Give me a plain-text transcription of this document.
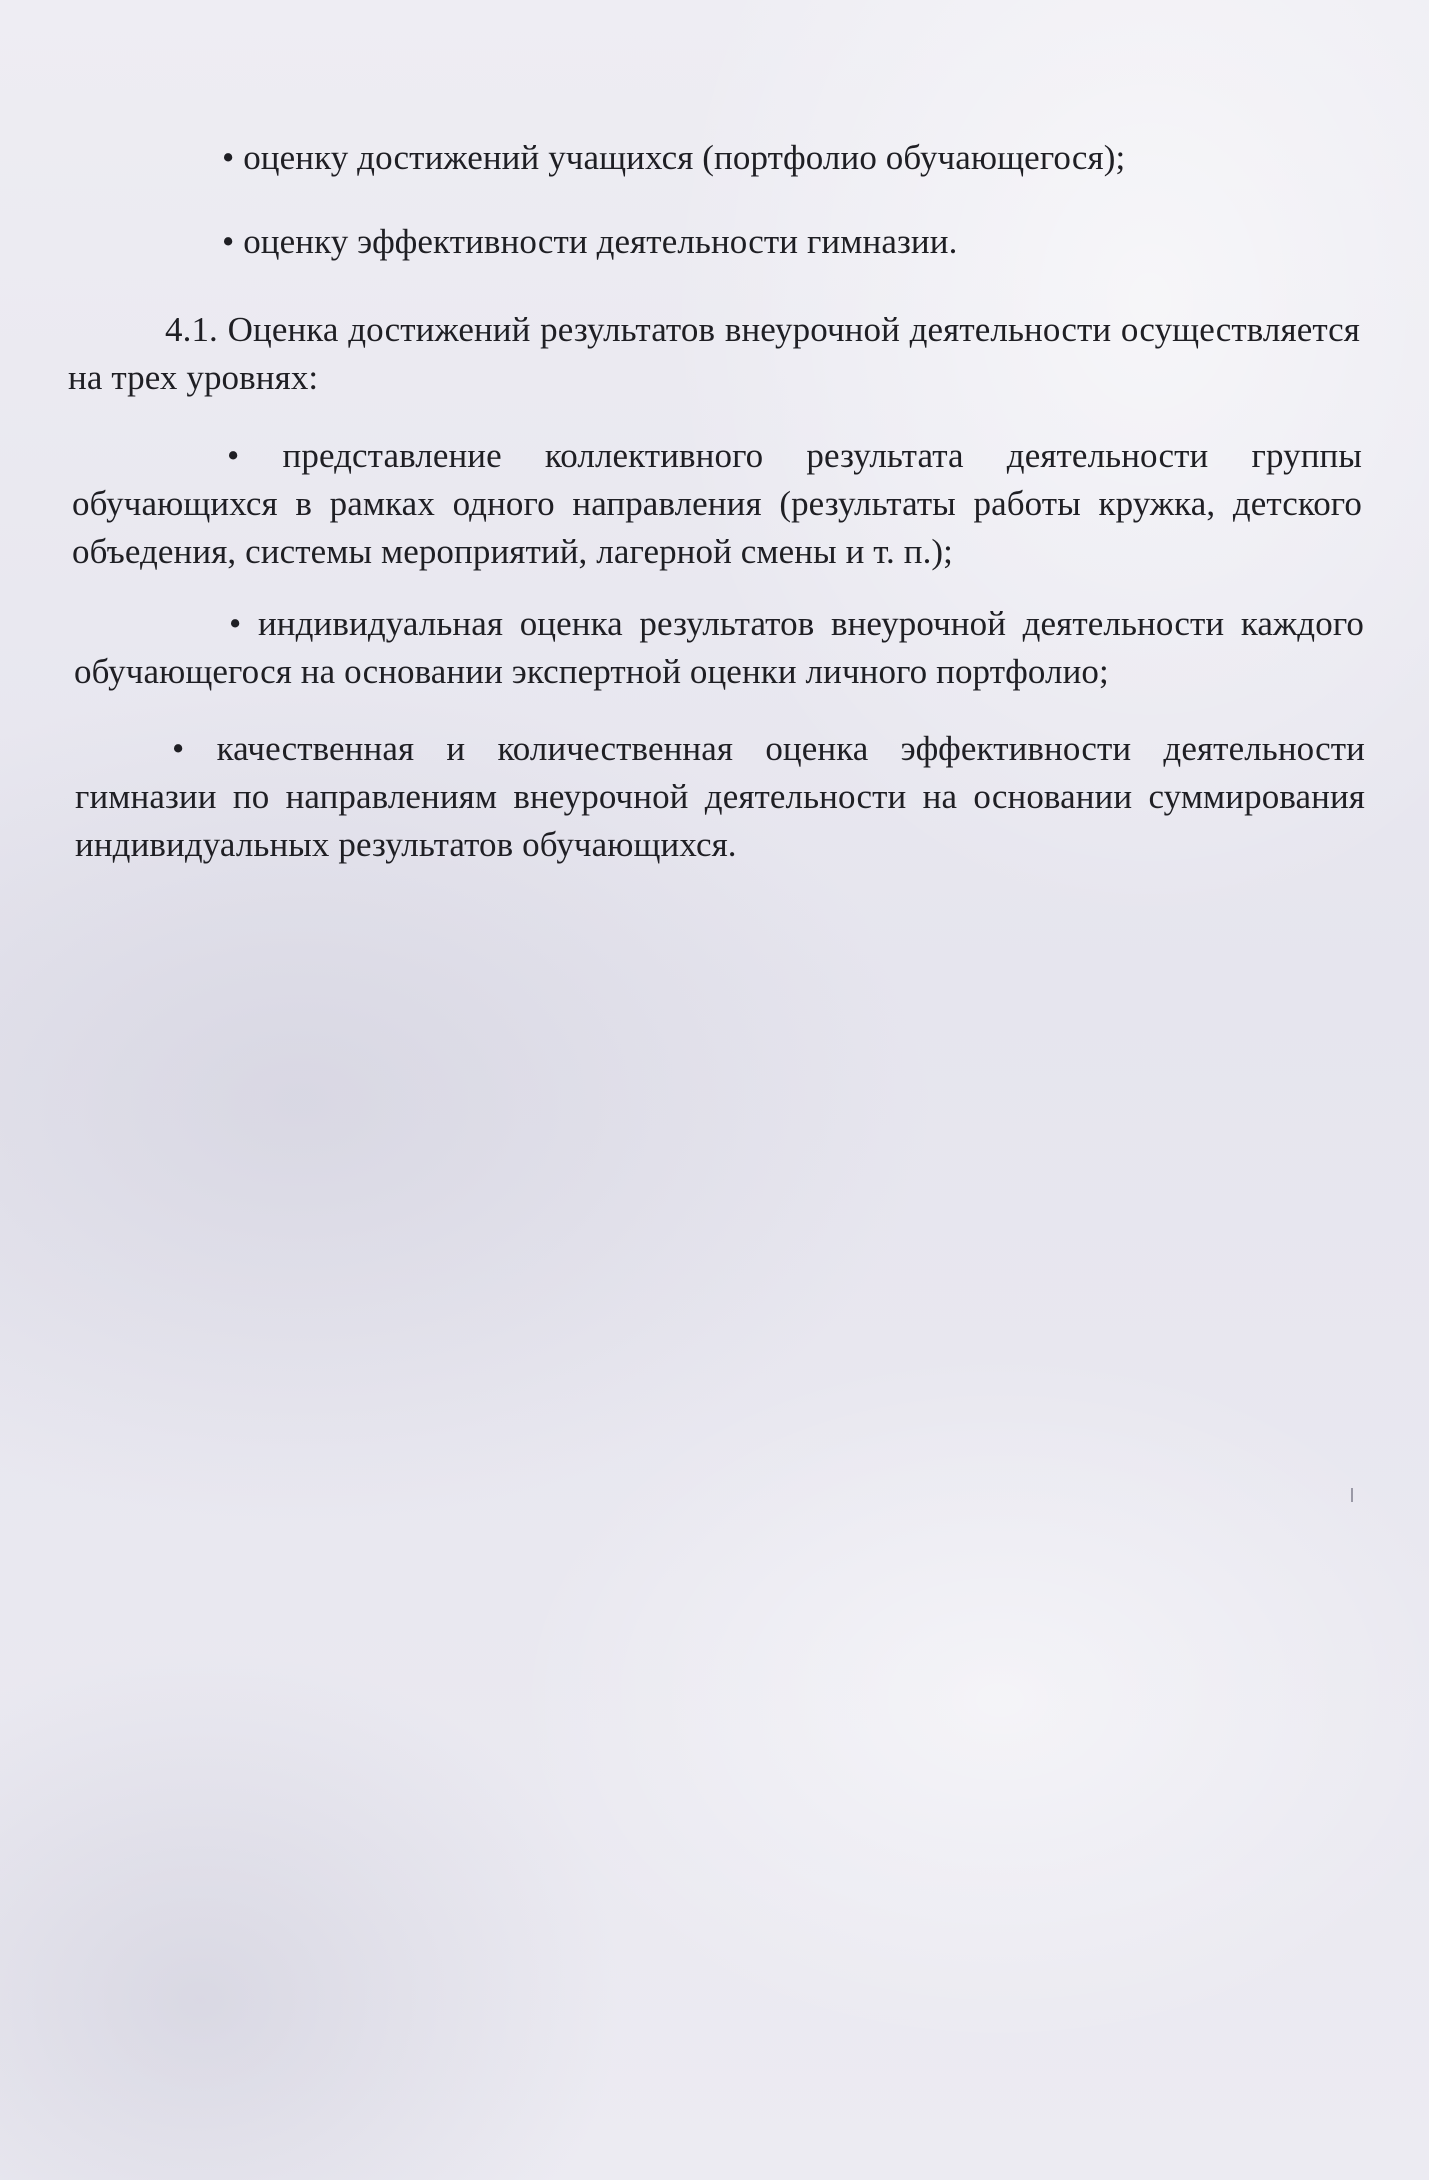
• оценку достижений учащихся (портфолио обучающегося);
• оценку эффективности деятельности гимназии.
4.1. Оценка достижений результатов внеурочной деятельности осуществляется на трех уровнях:
• представление коллективного результата деятельности группы обучающихся в рамках одного направления (результаты работы кружка, детского объедения, системы мероприятий, лагерной смены и т. п.);
• индивидуальная оценка результатов внеурочной деятельности каждого обучающегося на основании экспертной оценки личного портфолио;
• качественная и количественная оценка эффективности деятельности гимназии по направлениям внеурочной деятельности на основании суммирования индивидуальных результатов обучающихся.
